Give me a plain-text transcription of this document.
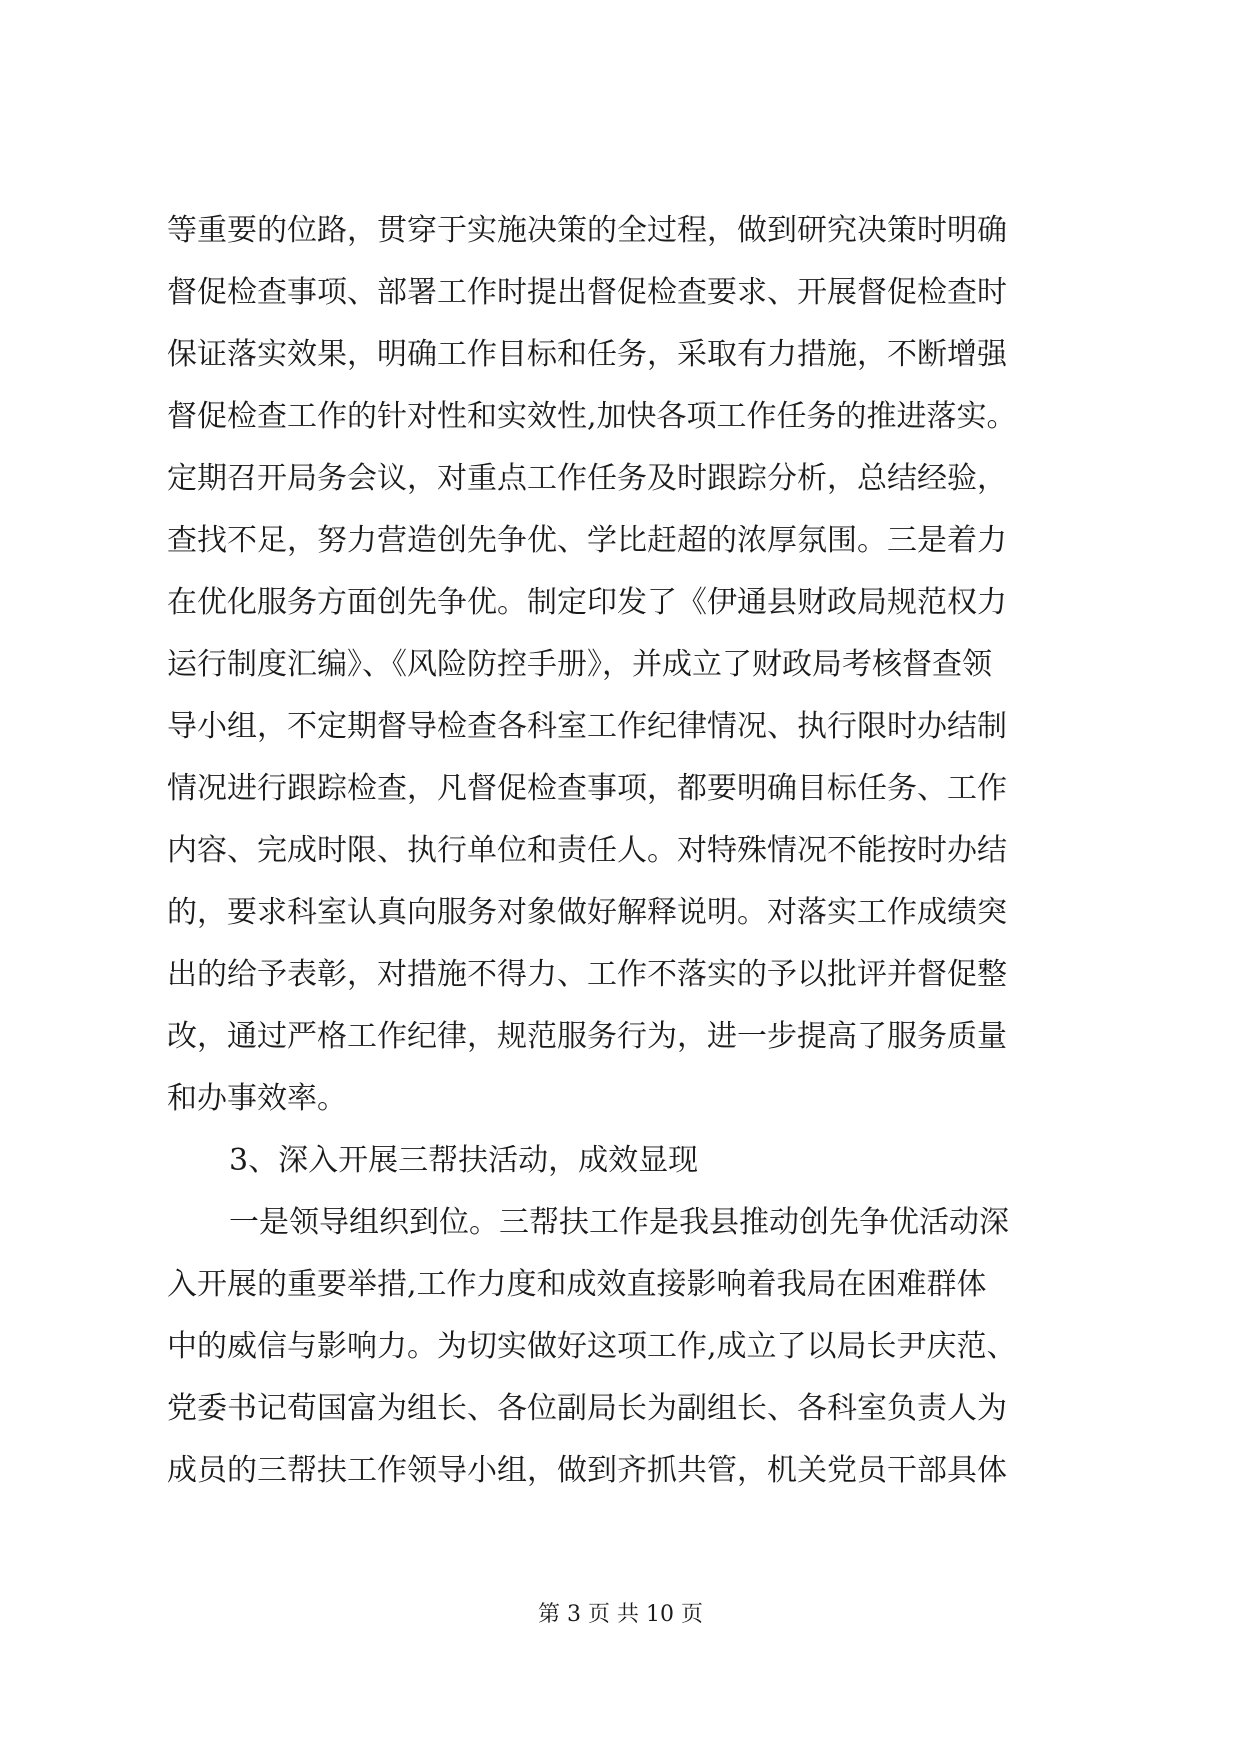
等重要的位路，贯穿于实施决策的全过程，做到研究决策时明确
督促检查事项、部署工作时提出督促检查要求、开展督促检查时
保证落实效果，明确工作目标和任务，采取有力措施，不断增强
督促检查工作的针对性和实效性,加快各项工作任务的推进落实。
定期召开局务会议，对重点工作任务及时跟踪分析，总结经验，
查找不足，努力营造创先争优、学比赶超的浓厚氛围。三是着力
在优化服务方面创先争优。制定印发了《伊通县财政局规范权力
运行制度汇编》、《风险防控手册》，并成立了财政局考核督查领
导小组，不定期督导检查各科室工作纪律情况、执行限时办结制
情况进行跟踪检查，凡督促检查事项，都要明确目标任务、工作
内容、完成时限、执行单位和责任人。对特殊情况不能按时办结
的，要求科室认真向服务对象做好解释说明。对落实工作成绩突
出的给予表彰，对措施不得力、工作不落实的予以批评并督促整
改，通过严格工作纪律，规范服务行为，进一步提高了服务质量
和办事效率。
3、深入开展三帮扶活动，成效显现
一是领导组织到位。三帮扶工作是我县推动创先争优活动深
入开展的重要举措,工作力度和成效直接影响着我局在困难群体
中的威信与影响力。为切实做好这项工作,成立了以局长尹庆范、
党委书记荀国富为组长、各位副局长为副组长、各科室负责人为
成员的三帮扶工作领导小组，做到齐抓共管，机关党员干部具体
第 3 页 共 10 页
